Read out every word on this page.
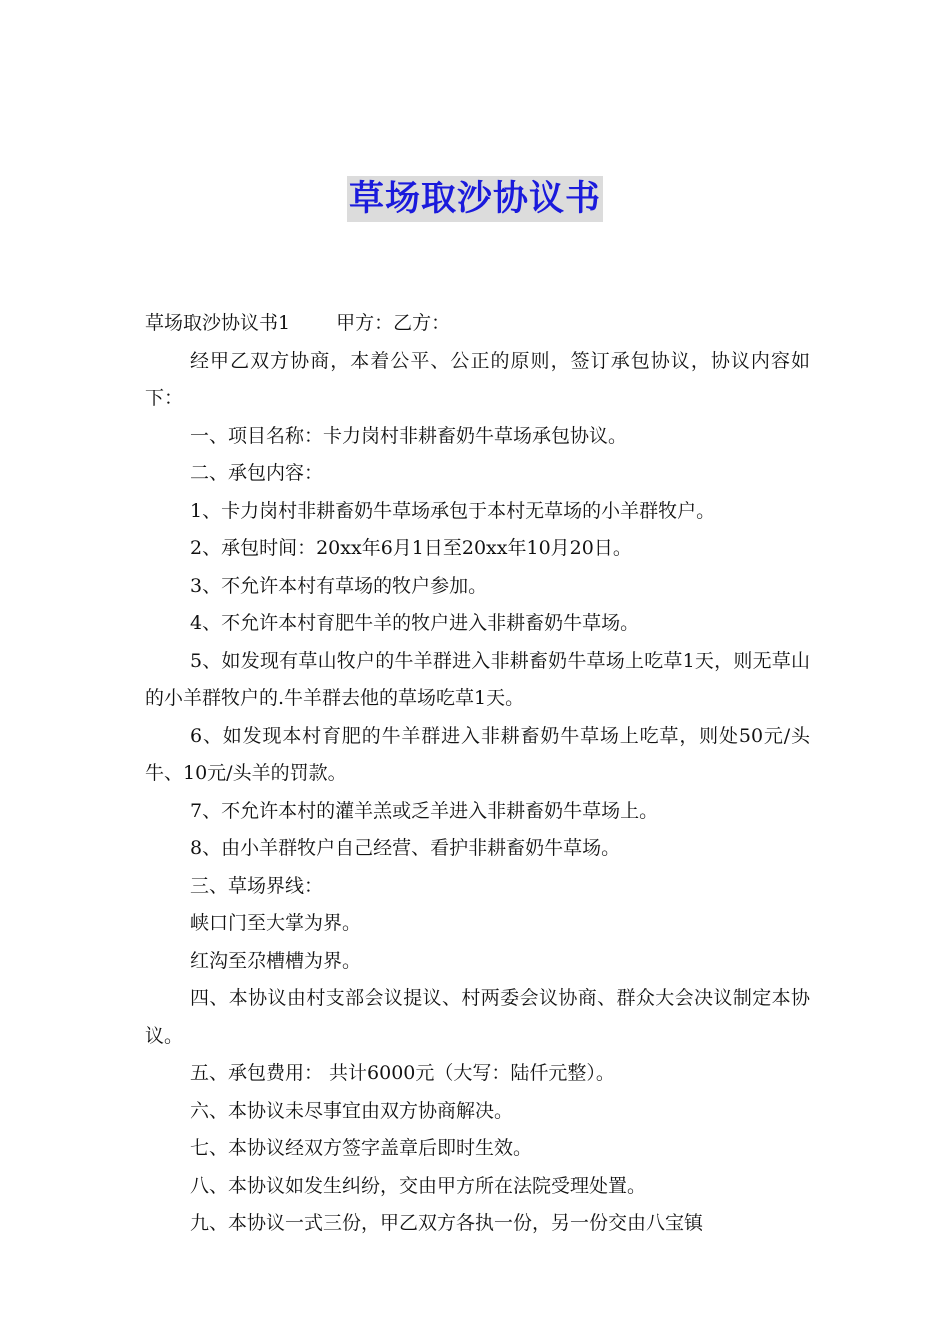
草场取沙协议书

草场取沙协议书1 甲方：乙方：

经甲乙双方协商，本着公平、公正的原则，签订承包协议，协议内容如下：

一、项目名称：卡力岗村非耕畜奶牛草场承包协议。

二、承包内容：

1、卡力岗村非耕畜奶牛草场承包于本村无草场的小羊群牧户。

2、承包时间：20xx年6月1日至20xx年10月20日。

3、不允许本村有草场的牧户参加。

4、不允许本村育肥牛羊的牧户进入非耕畜奶牛草场。

5、如发现有草山牧户的牛羊群进入非耕畜奶牛草场上吃草1天，则无草山的小羊群牧户的.牛羊群去他的草场吃草1天。

6、如发现本村育肥的牛羊群进入非耕畜奶牛草场上吃草，则处50元/头牛、10元/头羊的罚款。

7、不允许本村的灌羊羔或乏羊进入非耕畜奶牛草场上。

8、由小羊群牧户自己经营、看护非耕畜奶牛草场。

三、草场界线：

峡口门至大掌为界。

红沟至尕槽槽为界。

四、本协议由村支部会议提议、村两委会议协商、群众大会决议制定本协议。

五、承包费用： 共计6000元（大写：陆仟元整）。

六、本协议未尽事宜由双方协商解决。

七、本协议经双方签字盖章后即时生效。

八、本协议如发生纠纷，交由甲方所在法院受理处置。

九、本协议一式三份，甲乙双方各执一份，另一份交由八宝镇
